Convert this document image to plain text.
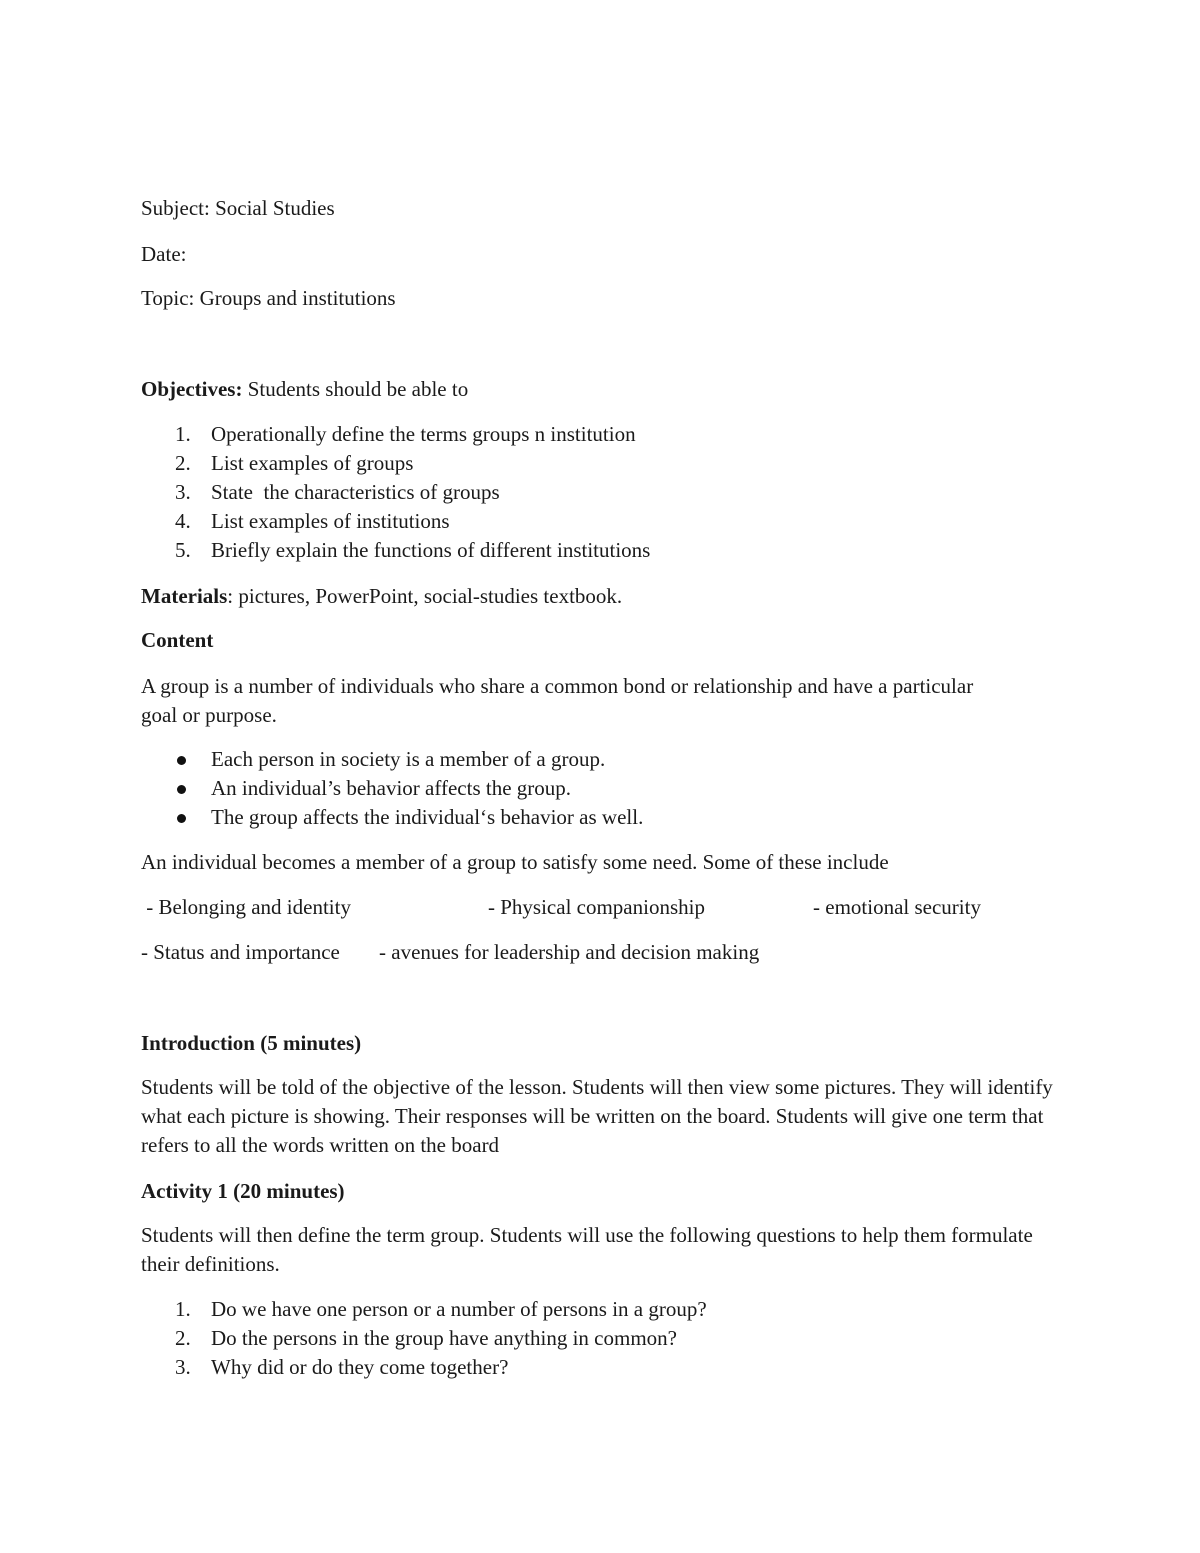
Subject: Social Studies
Date:
Topic: Groups and institutions
Objectives: Students should be able to
1. Operationally define the terms groups n institution
2. List examples of groups
3. State  the characteristics of groups
4. List examples of institutions
5. Briefly explain the functions of different institutions
Materials: pictures, PowerPoint, social-studies textbook.
Content
A group is a number of individuals who share a common bond or relationship and have a particular goal or purpose.
Each person in society is a member of a group.
An individual’s behavior affects the group.
The group affects the individual‘s behavior as well.
An individual becomes a member of a group to satisfy some need. Some of these include
- Belonging and identity	- Physical companionship	- emotional security
- Status and importance - avenues for leadership and decision making
Introduction (5 minutes)
Students will be told of the objective of the lesson. Students will then view some pictures. They will identify what each picture is showing. Their responses will be written on the board. Students will give one term that refers to all the words written on the board
Activity 1 (20 minutes)
Students will then define the term group. Students will use the following questions to help them formulate their definitions.
1. Do we have one person or a number of persons in a group?
2. Do the persons in the group have anything in common?
3. Why did or do they come together?
